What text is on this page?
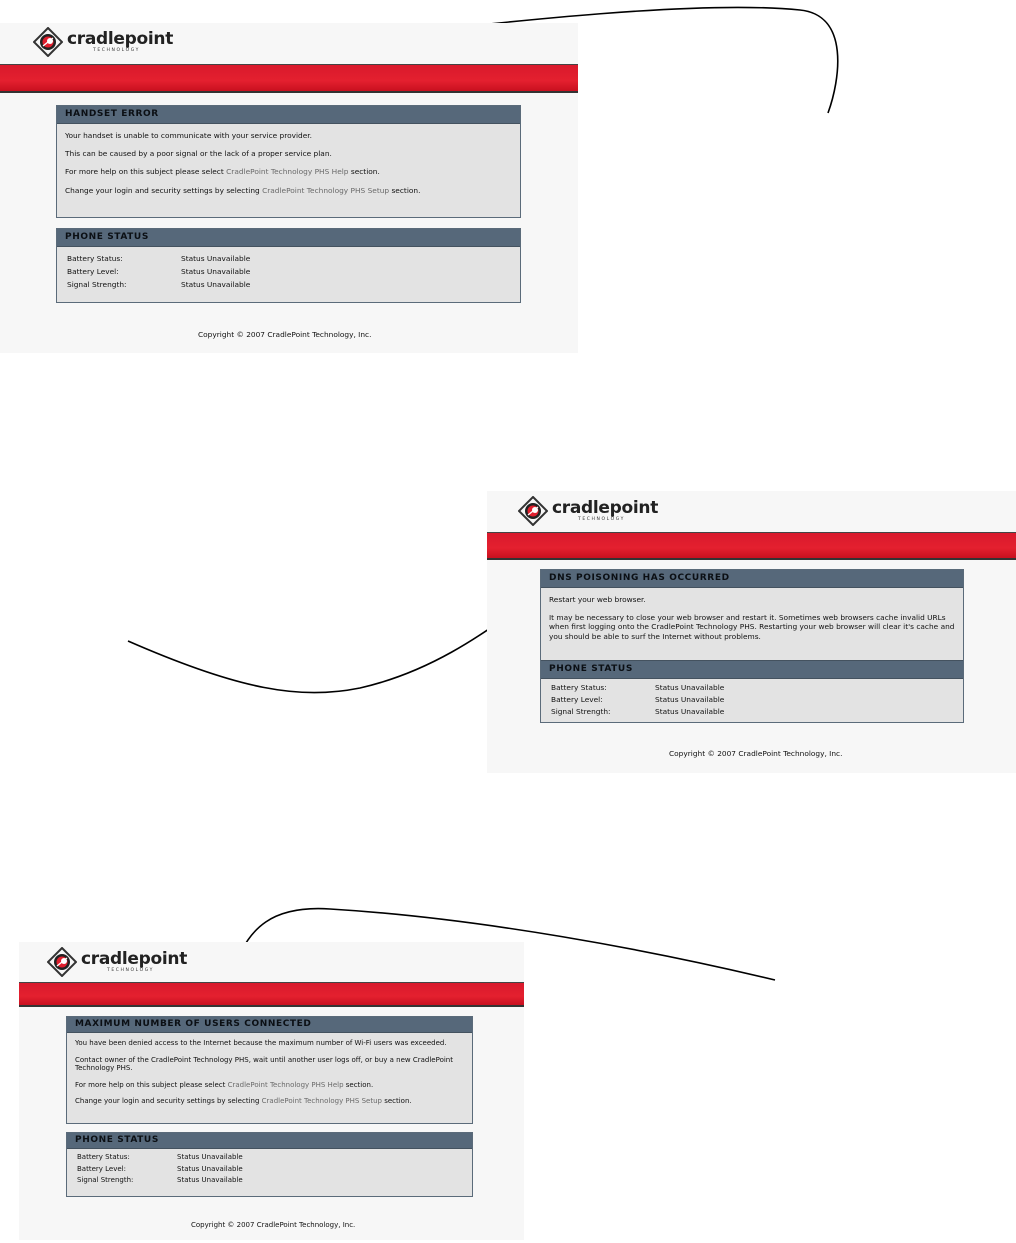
cradlepoint
TECHNOLOGY
HANDSET ERROR

Your handset is unable to communicate with your service provider.

This can be caused by a poor signal or the lack of a proper service plan.

For more help on this subject please select CradlePoint Technology PHS Help section.

Change your login and security settings by selecting CradlePoint Technology PHS Setup section.

PHONE STATUS
Battery Status:	Status Unavailable
Battery Level:	Status Unavailable
Signal Strength:	Status Unavailable
Copyright © 2007 CradlePoint Technology, Inc.
cradlepoint
TECHNOLOGY
DNS POISONING HAS OCCURRED

Restart your web browser.

It may be necessary to close your web browser and restart it. Sometimes web browsers cache invalid URLs when first logging onto the CradlePoint Technology PHS. Restarting your web browser will clear it's cache and you should be able to surf the Internet without problems.

PHONE STATUS
Battery Status:	Status Unavailable
Battery Level:	Status Unavailable
Signal Strength:	Status Unavailable
Copyright © 2007 CradlePoint Technology, Inc.
cradlepoint
TECHNOLOGY
MAXIMUM NUMBER OF USERS CONNECTED

You have been denied access to the Internet because the maximum number of Wi-Fi users was exceeded.

Contact owner of the CradlePoint Technology PHS, wait until another user logs off, or buy a new CradlePoint Technology PHS.

For more help on this subject please select CradlePoint Technology PHS Help section.

Change your login and security settings by selecting CradlePoint Technology PHS Setup section.

PHONE STATUS
Battery Status:	Status Unavailable
Battery Level:	Status Unavailable
Signal Strength:	Status Unavailable
Copyright © 2007 CradlePoint Technology, Inc.
